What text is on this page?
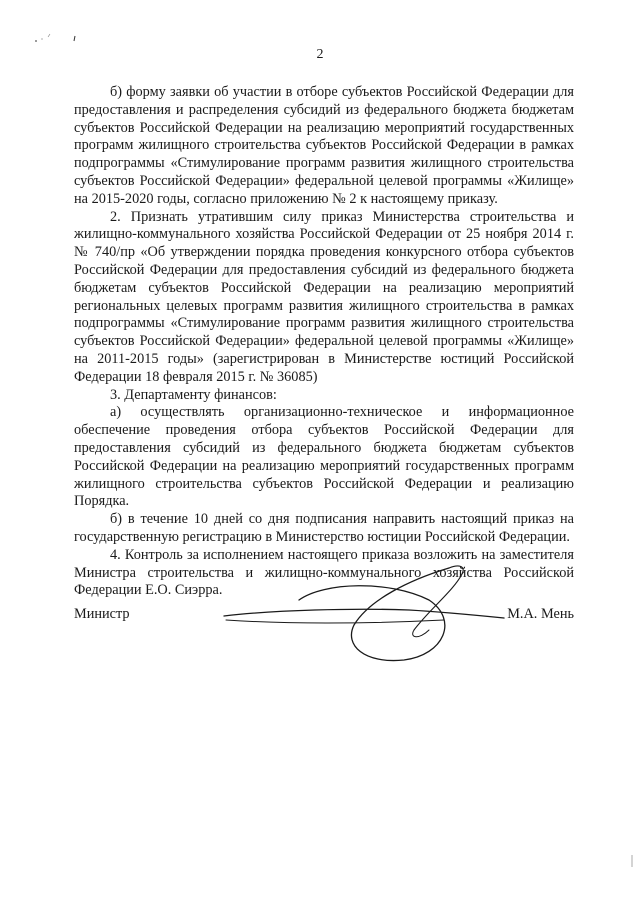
2

б) форму заявки об участии в отборе субъектов Российской Федерации для предоставления и распределения субсидий из федерального бюджета бюджетам субъектов Российской Федерации на реализацию мероприятий государственных программ жилищного строительства субъектов Российской Федерации в рамках подпрограммы «Стимулирование программ развития жилищного строительства субъектов Российской Федерации» федеральной целевой программы «Жилище» на 2015-2020 годы, согласно приложению № 2 к настоящему приказу.

2. Признать утратившим силу приказ Министерства строительства и жилищно-коммунального хозяйства Российской Федерации от 25 ноября 2014 г. № 740/пр «Об утверждении порядка проведения конкурсного отбора субъектов Российской Федерации для предоставления субсидий из федерального бюджета бюджетам субъектов Российской Федерации на реализацию мероприятий региональных целевых программ развития жилищного строительства в рамках подпрограммы «Стимулирование программ развития жилищного строительства субъектов Российской Федерации» федеральной целевой программы «Жилище» на 2011-2015 годы» (зарегистрирован в Министерстве юстиций Российской Федерации 18 февраля 2015 г. № 36085)

3. Департаменту финансов:

а) осуществлять организационно-техническое и информационное обеспечение проведения отбора субъектов Российской Федерации для предоставления субсидий из федерального бюджета бюджетам субъектов Российской Федерации на реализацию мероприятий государственных программ жилищного строительства субъектов Российской Федерации и реализацию Порядка.

б) в течение 10 дней со дня подписания направить настоящий приказ на государственную регистрацию в Министерство юстиции Российской Федерации.

4. Контроль за исполнением настоящего приказа возложить на заместителя Министра строительства и жилищно-коммунального хозяйства Российской Федерации Е.О. Сиэрра.

Министр	М.А. Мень
